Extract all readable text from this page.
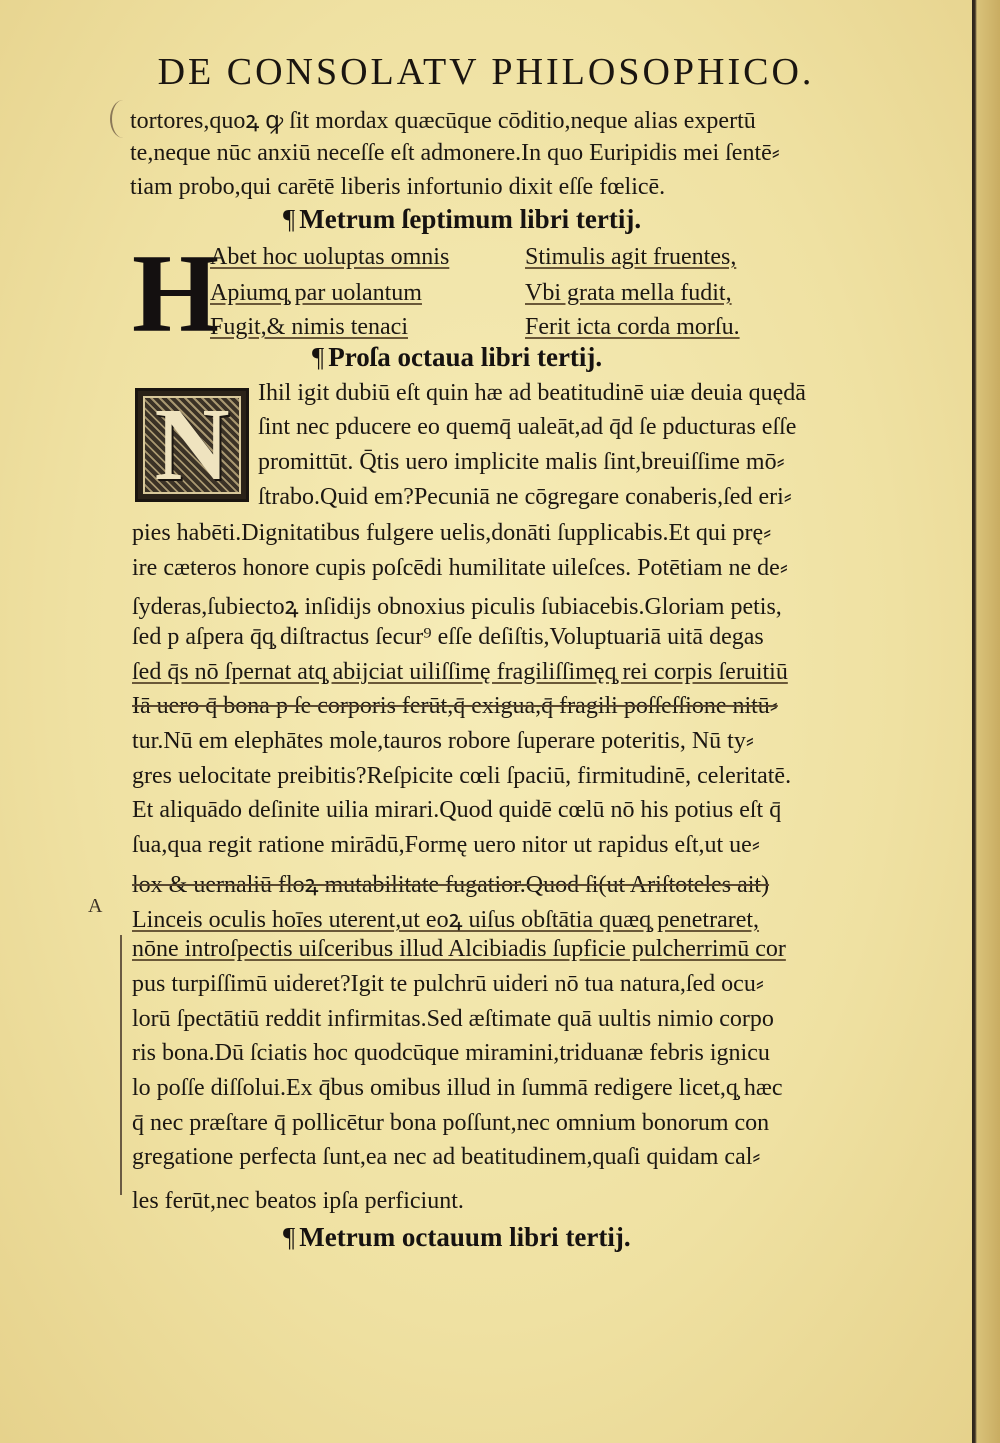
DE CONSOLATV PHILOSOPHICO.
tortores,quoꝝ ꝙ ſit mordax quæcūque cōditio,neque alias expertū
te,neque nūc anxiū neceſſe eſt admonere.In quo Euripidis mei ſentē⸗
tiam probo,qui carētē liberis infortunio dixit eſſe fœlicē.
¶ Metrum ſeptimum libri tertij.
H
Abet hoc uoluptas omnis
Apiumq̧ par uolantum
Fugit,& nimis tenaci
Stimulis agit fruentes,
Vbi grata mella fudit,
Ferit icta corda morſu.
¶ Proſa octaua libri tertij.
N	Ihil igit dubiū eſt quin hæ ad beatitudinē uiæ deuia quędā
ſint nec pducere eo quemq̄ ualeāt,ad q̄d ſe pducturas eſſe
promittūt. Q̄tis uero implicite malis ſint,breuiſſime mō⸗
ſtrabo.Quid em?Pecuniā ne cōgregare conaberis,ſed eri⸗
pies habēti.Dignitatibus fulgere uelis,donāti ſupplicabis.Et qui prę⸗
ire cæteros honore cupis poſcēdi humilitate uileſces. Potētiam ne de⸗
ſyderas,ſubiectoꝝ inſidijs obnoxius piculis ſubiacebis.Gloriam petis,
ſed p aſpera q̄q̧ diſtractus ſecur⁹ eſſe deſiſtis,Voluptuariā uitā degas
ſed q̄s nō ſpernat atq̧ abijciat uiliſſimę fragiliſſimęq̧ rei corpis ſeruitiū
Iā uero q̄ bona p ſe corporis ferūt,q̄ exigua,q̄ fragili poſſeſſione nitū⸗
tur.Nū em elephātes mole,tauros robore ſuperare poteritis, Nū ty⸗
gres uelocitate preibitis?Reſpicite cœli ſpaciū, firmitudinē, celeritatē.
Et aliquādo deſinite uilia mirari.Quod quidē cœlū nō his potius eſt q̄
ſua,qua regit ratione mirādū,Formę uero nitor ut rapidus eſt,ut ue⸗
lox & uernaliū floꝝ mutabilitate fugatior.Quod ſi(ut Ariſtoteles ait)
Linceis oculis hoīes uterent,ut eoꝝ uiſus obſtātia quæq̧ penetraret,
nōne introſpectis uiſceribus illud Alcibiadis ſupficie pulcherrimū cor
pus turpiſſimū uideret?Igit te pulchrū uideri nō tua natura,ſed ocu⸗
lorū ſpectātiū reddit infirmitas.Sed æſtimate quā uultis nimio corpo
ris bona.Dū ſciatis hoc quodcūque miramini,triduanæ febris ignicu
lo poſſe diſſolui.Ex q̄bus omibus illud in ſummā redigere licet,q̧ hæc
q̄ nec præſtare q̄ pollicētur bona poſſunt,nec omnium bonorum con
gregatione perfecta ſunt,ea nec ad beatitudinem,quaſi quidam cal⸗
les ferūt,nec beatos ipſa perficiunt.
A
¶ Metrum octauum libri tertij.
